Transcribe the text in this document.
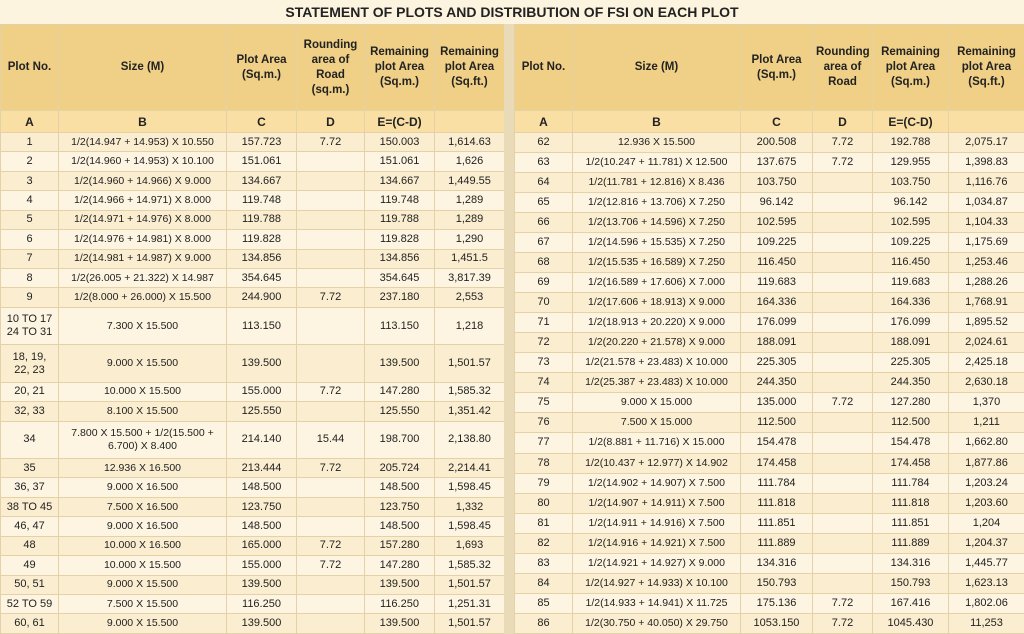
STATEMENT OF PLOTS AND DISTRIBUTION OF FSI ON EACH PLOT
Plot No.	Size (M)	Plot Area (Sq.m.)	Rounding area of Road (sq.m.)	Remaining plot Area (Sq.m.)	Remaining plot Area (Sq.ft.)
A	B	C	D	E=(C-D)	
1	1/2(14.947 + 14.953) X 10.550	157.723	7.72	150.003	1,614.63
2	1/2(14.960 + 14.953) X 10.100	151.061		151.061	1,626
3	1/2(14.960 + 14.966) X 9.000	134.667		134.667	1,449.55
4	1/2(14.966 + 14.971) X 8.000	119.748		119.748	1,289
5	1/2(14.971 + 14.976) X 8.000	119.788		119.788	1,289
6	1/2(14.976 + 14.981) X 8.000	119.828		119.828	1,290
7	1/2(14.981 + 14.987) X 9.000	134.856		134.856	1,451.5
8	1/2(26.005 + 21.322) X 14.987	354.645		354.645	3,817.39
9	1/2(8.000 + 26.000) X 15.500	244.900	7.72	237.180	2,553
10 TO 17 24 TO 31	7.300 X 15.500	113.150		113.150	1,218
18, 19, 22, 23	9.000 X 15.500	139.500		139.500	1,501.57
20, 21	10.000 X 15.500	155.000	7.72	147.280	1,585.32
32, 33	8.100 X 15.500	125.550		125.550	1,351.42
34	7.800 X 15.500 + 1/2(15.500 + 6.700) X 8.400	214.140	15.44	198.700	2,138.80
35	12.936 X 16.500	213.444	7.72	205.724	2,214.41
36, 37	9.000 X 16.500	148.500		148.500	1,598.45
38 TO 45	7.500 X 16.500	123.750		123.750	1,332
46, 47	9.000 X 16.500	148.500		148.500	1,598.45
48	10.000 X 16.500	165.000	7.72	157.280	1,693
49	10.000 X 15.500	155.000	7.72	147.280	1,585.32
50, 51	9.000 X 15.500	139.500		139.500	1,501.57
52 TO 59	7.500 X 15.500	116.250		116.250	1,251.31
60, 61	9.000 X 15.500	139.500		139.500	1,501.57
Plot No.	Size (M)	Plot Area (Sq.m.)	Rounding area of Road	Remaining plot Area (Sq.m.)	Remaining plot Area (Sq.ft.)
A	B	C	D	E=(C-D)	
62	12.936 X 15.500	200.508	7.72	192.788	2,075.17
63	1/2(10.247 + 11.781) X 12.500	137.675	7.72	129.955	1,398.83
64	1/2(11.781 + 12.816) X 8.436	103.750		103.750	1,116.76
65	1/2(12.816 + 13.706) X 7.250	96.142		96.142	1,034.87
66	1/2(13.706 + 14.596) X 7.250	102.595		102.595	1,104.33
67	1/2(14.596 + 15.535) X 7.250	109.225		109.225	1,175.69
68	1/2(15.535 + 16.589) X 7.250	116.450		116.450	1,253.46
69	1/2(16.589 + 17.606) X 7.000	119.683		119.683	1,288.26
70	1/2(17.606 + 18.913) X 9.000	164.336		164.336	1,768.91
71	1/2(18.913 + 20.220) X 9.000	176.099		176.099	1,895.52
72	1/2(20.220 + 21.578) X 9.000	188.091		188.091	2,024.61
73	1/2(21.578 + 23.483) X 10.000	225.305		225.305	2,425.18
74	1/2(25.387 + 23.483) X 10.000	244.350		244.350	2,630.18
75	9.000 X 15.000	135.000	7.72	127.280	1,370
76	7.500 X 15.000	112.500		112.500	1,211
77	1/2(8.881 + 11.716) X 15.000	154.478		154.478	1,662.80
78	1/2(10.437 + 12.977) X 14.902	174.458		174.458	1,877.86
79	1/2(14.902 + 14.907) X 7.500	111.784		111.784	1,203.24
80	1/2(14.907 + 14.911) X 7.500	111.818		111.818	1,203.60
81	1/2(14.911 + 14.916) X 7.500	111.851		111.851	1,204
82	1/2(14.916 + 14.921) X 7.500	111.889		111.889	1,204.37
83	1/2(14.921 + 14.927) X 9.000	134.316		134.316	1,445.77
84	1/2(14.927 + 14.933) X 10.100	150.793		150.793	1,623.13
85	1/2(14.933 + 14.941) X 11.725	175.136	7.72	167.416	1,802.06
86	1/2(30.750 + 40.050) X 29.750	1053.150	7.72	1045.430	11,253
